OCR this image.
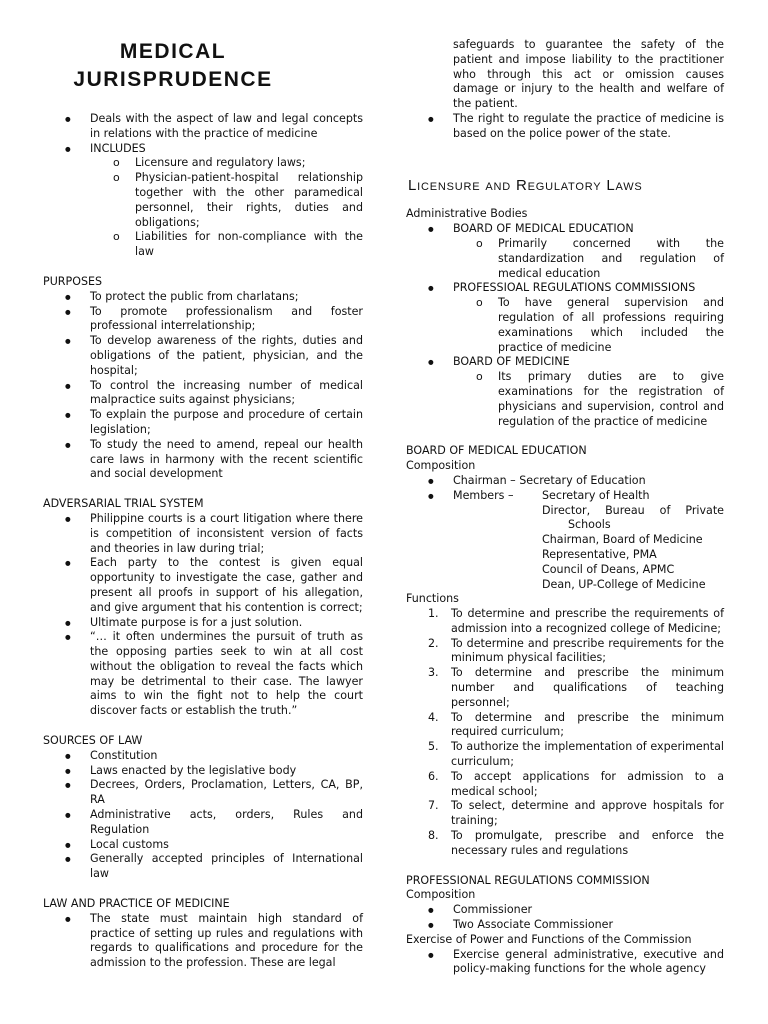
MEDICAL
JURISPRUDENCE
● Deals with the aspect of law and legal concepts in relations with the practice of medicine
● INCLUDES
o Licensure and regulatory laws;
o Physician-patient-hospital relationship together with the other paramedical personnel, their rights, duties and obligations;
o Liabilities for non-compliance with the law
PURPOSES
● To protect the public from charlatans;
● To promote professionalism and foster professional interrelationship;
● To develop awareness of the rights, duties and obligations of the patient, physician, and the hospital;
● To control the increasing number of medical malpractice suits against physicians;
● To explain the purpose and procedure of certain legislation;
● To study the need to amend, repeal our health care laws in harmony with the recent scientific and social development
ADVERSARIAL TRIAL SYSTEM
● Philippine courts is a court litigation where there is competition of inconsistent version of facts and theories in law during trial;
● Each party to the contest is given equal opportunity to investigate the case, gather and present all proofs in support of his allegation, and give argument that his contention is correct;
● Ultimate purpose is for a just solution.
● “… it often undermines the pursuit of truth as the opposing parties seek to win at all cost without the obligation to reveal the facts which may be detrimental to their case. The lawyer aims to win the fight not to help the court discover facts or establish the truth.”
SOURCES OF LAW
● Constitution
● Laws enacted by the legislative body
● Decrees, Orders, Proclamation, Letters, CA, BP, RA
● Administrative acts, orders, Rules and Regulation
● Local customs
● Generally accepted principles of International law
LAW AND PRACTICE OF MEDICINE
● The state must maintain high standard of practice of setting up rules and regulations with regards to qualifications and procedure for the admission to the profession. These are legal
safeguards to guarantee the safety of the patient and impose liability to the practitioner who through this act or omission causes damage or injury to the health and welfare of the patient.
● The right to regulate the practice of medicine is based on the police power of the state.
Licensure and Regulatory Laws
Administrative Bodies
● BOARD OF MEDICAL EDUCATION
o Primarily concerned with the standardization and regulation of medical education
● PROFESSIOAL REGULATIONS COMMISSIONS
o To have general supervision and regulation of all professions requiring examinations which included the practice of medicine
● BOARD OF MEDICINE
o Its primary duties are to give examinations for the registration of physicians and supervision, control and regulation of the practice of medicine
BOARD OF MEDICAL EDUCATION
Composition
● Chairman – Secretary of Education
● Members –	Secretary of Health
Director, Bureau of Private
Schools
Chairman, Board of Medicine
Representative, PMA
Council of Deans, APMC
Dean, UP-College of Medicine
Functions
1. To determine and prescribe the requirements of admission into a recognized college of Medicine;
2. To determine and prescribe requirements for the minimum physical facilities;
3. To determine and prescribe the minimum number and qualifications of teaching personnel;
4. To determine and prescribe the minimum required curriculum;
5. To authorize the implementation of experimental curriculum;
6. To accept applications for admission to a medical school;
7. To select, determine and approve hospitals for training;
8. To promulgate, prescribe and enforce the necessary rules and regulations
PROFESSIONAL REGULATIONS COMMISSION
Composition
● Commissioner
● Two Associate Commissioner
Exercise of Power and Functions of the Commission
● Exercise general administrative, executive and policy-making functions for the whole agency
